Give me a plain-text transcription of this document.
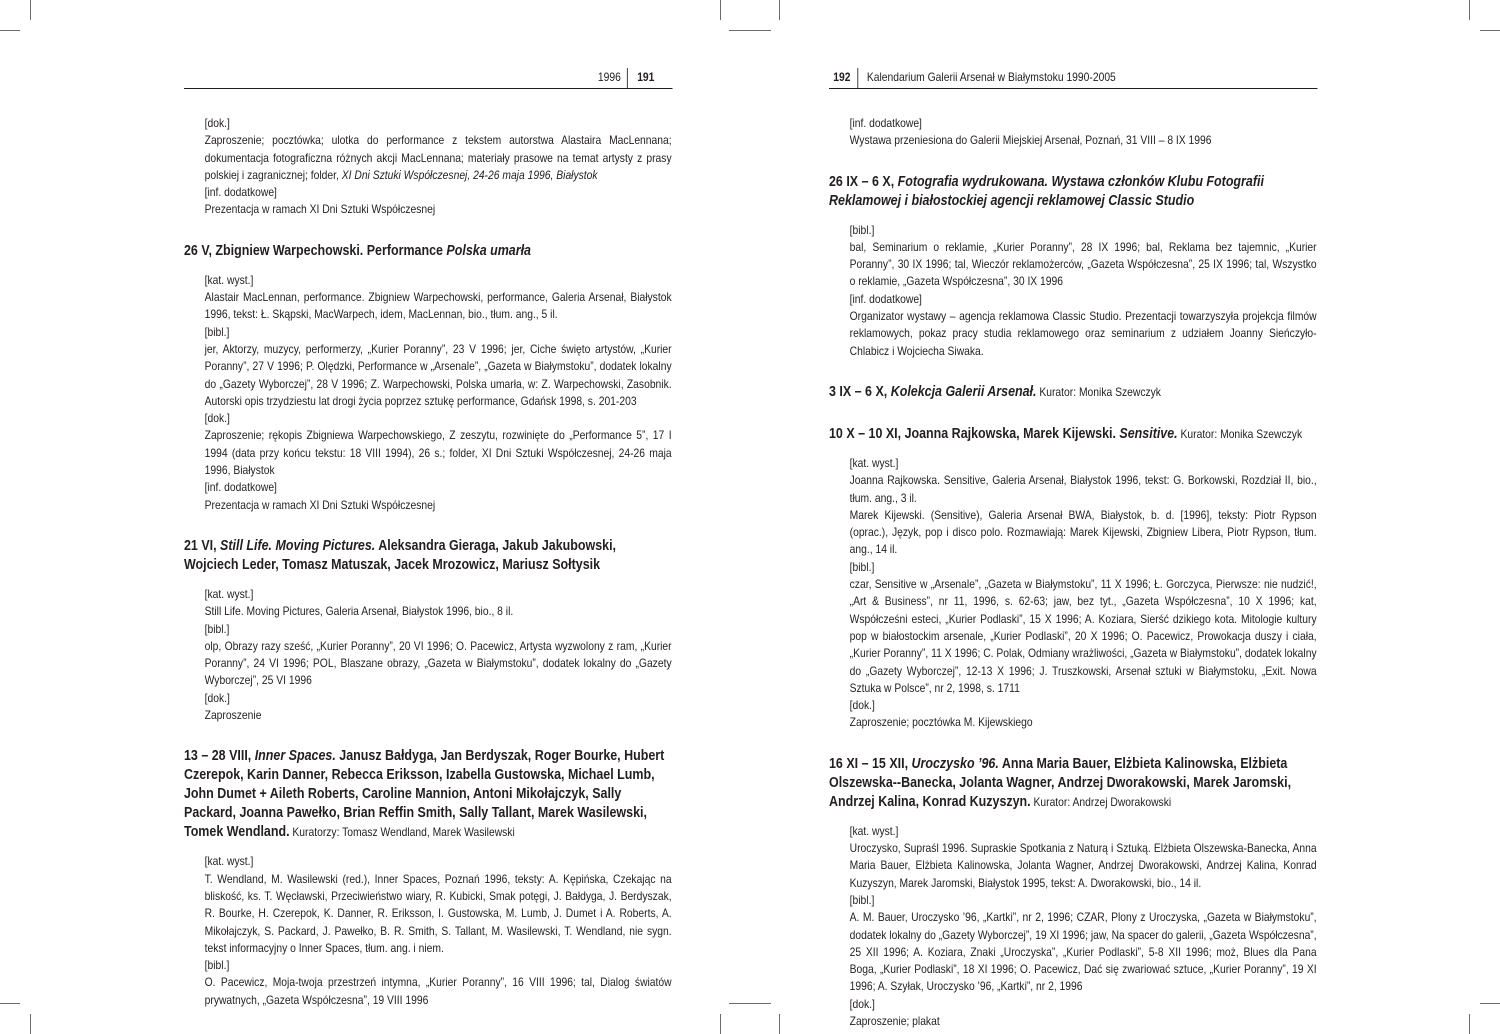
1996 191
[dok.]
Zaproszenie; pocztówka; ulotka do performance z tekstem autorstwa Alastaira MacLennana; dokumentacja fotograficzna różnych akcji MacLennana; materiały prasowe na temat artysty z prasy polskiej i zagranicznej; folder, XI Dni Sztuki Współczesnej, 24-26 maja 1996, Białystok
[inf. dodatkowe]
Prezentacja w ramach XI Dni Sztuki Współczesnej
26 V, Zbigniew Warpechowski. Performance Polska umarła
[kat. wyst.]
Alastair MacLennan, performance. Zbigniew Warpechowski, performance, Galeria Arsenał, Białystok 1996, tekst: Ł. Skąpski, MacWarpech, idem, MacLennan, bio., tłum. ang., 5 il.
[bibl.]
jer, Aktorzy, muzycy, performerzy, „Kurier Poranny”, 23 V 1996; jer, Ciche święto artystów, „Kurier Poranny”, 27 V 1996; P. Olędzki, Performance w „Arsenale”, „Gazeta w Białymstoku”, dodatek lokalny do „Gazety Wyborczej”, 28 V 1996; Z. Warpechowski, Polska umarła, w: Z. Warpechowski, Zasobnik. Autorski opis trzydziestu lat drogi życia poprzez sztukę performance, Gdańsk 1998, s. 201-203
[dok.]
Zaproszenie; rękopis Zbigniewa Warpechowskiego, Z zeszytu, rozwinięte do „Performance 5”, 17 I 1994 (data przy końcu tekstu: 18 VIII 1994), 26 s.; folder, XI Dni Sztuki Współczesnej, 24-26 maja 1996, Białystok
[inf. dodatkowe]
Prezentacja w ramach XI Dni Sztuki Współczesnej
21 VI, Still Life. Moving Pictures. Aleksandra Gieraga, Jakub Jakubowski, Wojciech Leder, Tomasz Matuszak, Jacek Mrozowicz, Mariusz Sołtysik
[kat. wyst.]
Still Life. Moving Pictures, Galeria Arsenał, Białystok 1996, bio., 8 il.
[bibl.]
olp, Obrazy razy sześć, „Kurier Poranny”, 20 VI 1996; O. Pacewicz, Artysta wyzwolony z ram, „Kurier Poranny”, 24 VI 1996; POL, Blaszane obrazy, „Gazeta w Białymstoku”, dodatek lokalny do „Gazety Wyborczej”, 25 VI 1996
[dok.]
Zaproszenie
13 – 28 VIII, Inner Spaces. Janusz Bałdyga, Jan Berdyszak, Roger Bourke, Hubert Czerepok, Karin Danner, Rebecca Eriksson, Izabella Gustowska, Michael Lumb, John Dumet + Aileth Roberts, Caroline Mannion, Antoni Mikołajczyk, Sally Packard, Joanna Pawełko, Brian Reffin Smith, Sally Tallant, Marek Wasilewski, Tomek Wendland. Kuratorzy: Tomasz Wendland, Marek Wasilewski
[kat. wyst.]
T. Wendland, M. Wasilewski (red.), Inner Spaces, Poznań 1996, teksty: A. Kępińska, Czekając na bliskość, ks. T. Węcławski, Przeciwieństwo wiary, R. Kubicki, Smak potęgi, J. Bałdyga, J. Berdyszak, R. Bourke, H. Czerepok, K. Danner, R. Eriksson, I. Gustowska, M. Lumb, J. Dumet i A. Roberts, A. Mikołajczyk, S. Packard, J. Pawełko, B. R. Smith, S. Tallant, M. Wasilewski, T. Wendland, nie sygn. tekst informacyjny o Inner Spaces, tłum. ang. i niem.
[bibl.]
O. Pacewicz, Moja-twoja przestrzeń intymna, „Kurier Poranny”, 16 VIII 1996; tal, Dialog światów prywatnych, „Gazeta Współczesna”, 19 VIII 1996
192 Kalendarium Galerii Arsenał w Białymstoku 1990-2005
[inf. dodatkowe]
Wystawa przeniesiona do Galerii Miejskiej Arsenał, Poznań, 31 VIII – 8 IX 1996
26 IX – 6 X, Fotografia wydrukowana. Wystawa członków Klubu Fotografii Reklamowej i białostockiej agencji reklamowej Classic Studio
[bibl.]
bal, Seminarium o reklamie, „Kurier Poranny”, 28 IX 1996; bal, Reklama bez tajemnic, „Kurier Poranny”, 30 IX 1996; tal, Wieczór reklamożerców, „Gazeta Współczesna”, 25 IX 1996; tal, Wszystko o reklamie, „Gazeta Współczesna”, 30 IX 1996
[inf. dodatkowe]
Organizator wystawy – agencja reklamowa Classic Studio. Prezentacji towarzyszyła projekcja filmów reklamowych, pokaz pracy studia reklamowego oraz seminarium z udziałem Joanny Sieńczyło-Chlabicz i Wojciecha Siwaka.
3 IX – 6 X, Kolekcja Galerii Arsenał. Kurator: Monika Szewczyk
10 X – 10 XI, Joanna Rajkowska, Marek Kijewski. Sensitive. Kurator: Monika Szewczyk
[kat. wyst.]
Joanna Rajkowska. Sensitive, Galeria Arsenał, Białystok 1996, tekst: G. Borkowski, Rozdział II, bio., tłum. ang., 3 il.
Marek Kijewski. (Sensitive), Galeria Arsenał BWA, Białystok, b. d. [1996], teksty: Piotr Rypson (oprac.), Język, pop i disco polo. Rozmawiają: Marek Kijewski, Zbigniew Libera, Piotr Rypson, tłum. ang., 14 il.
[bibl.]
czar, Sensitive w „Arsenale”, „Gazeta w Białymstoku”, 11 X 1996; Ł. Gorczyca, Pierwsze: nie nudzić!, „Art & Business”, nr 11, 1996, s. 62-63; jaw, bez tyt., „Gazeta Współczesna”, 10 X 1996; kat, Współcześni esteci, „Kurier Podlaski”, 15 X 1996; A. Koziara, Sierść dzikiego kota. Mitologie kultury pop w białostockim arsenale, „Kurier Podlaski”, 20 X 1996; O. Pacewicz, Prowokacja duszy i ciała, „Kurier Poranny”, 11 X 1996; C. Polak, Odmiany wrażliwości, „Gazeta w Białymstoku”, dodatek lokalny do „Gazety Wyborczej”, 12-13 X 1996; J. Truszkowski, Arsenał sztuki w Białymstoku, „Exit. Nowa Sztuka w Polsce”, nr 2, 1998, s. 1711
[dok.]
Zaproszenie; pocztówka M. Kijewskiego
16 XI – 15 XII, Uroczysko ’96. Anna Maria Bauer, Elżbieta Kalinowska, Elżbieta Olszewska--Banecka, Jolanta Wagner, Andrzej Dworakowski, Marek Jaromski, Andrzej Kalina, Konrad Kuzyszyn. Kurator: Andrzej Dworakowski
[kat. wyst.]
Uroczysko, Supraśl 1996. Supraskie Spotkania z Naturą i Sztuką. Elżbieta Olszewska-Banecka, Anna Maria Bauer, Elżbieta Kalinowska, Jolanta Wagner, Andrzej Dworakowski, Andrzej Kalina, Konrad Kuzyszyn, Marek Jaromski, Białystok 1995, tekst: A. Dworakowski, bio., 14 il.
[bibl.]
A. M. Bauer, Uroczysko ’96, „Kartki”, nr 2, 1996; CZAR, Plony z Uroczyska, „Gazeta w Białymstoku”, dodatek lokalny do „Gazety Wyborczej”, 19 XI 1996; jaw, Na spacer do galerii, „Gazeta Współczesna”, 25 XII 1996; A. Koziara, Znaki „Uroczyska”, „Kurier Podlaski”, 5-8 XII 1996; moż, Blues dla Pana Boga, „Kurier Podlaski”, 18 XI 1996; O. Pacewicz, Dać się zwariować sztuce, „Kurier Poranny”, 19 XI 1996; A. Szyłak, Uroczysko ’96, „Kartki”, nr 2, 1996
[dok.]
Zaproszenie; plakat
